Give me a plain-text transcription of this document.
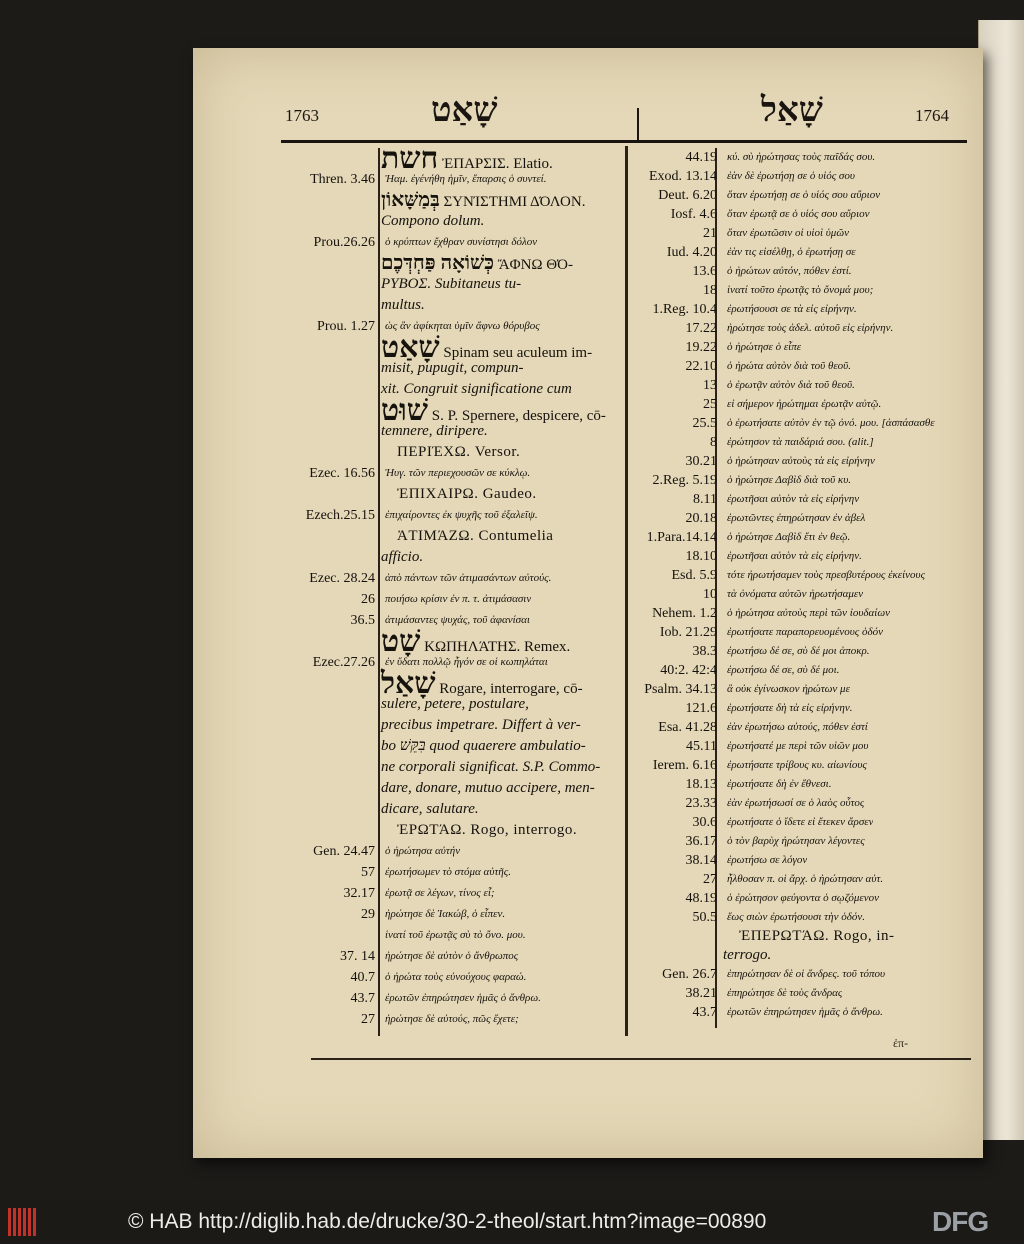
1763	שָׁאַט	שָׁאַל	1764
חשת ἘΠΑΡΣΙΣ. Elatio.
Thren. 3.46 Ἠαμ. ἐγένήθη ἡμῖν, ἔπαρσις ὁ συντεί.
בְּמַשָּׁאוֹן ΣΥΝΊΣΤΗΜΙ ΔΌΛΟΝ.
Compono dolum.
Prou.26.26 ὁ κρύπτων ἔχθραν συνίστησι δόλον
כְּשׁוֹאָה פַּחְדְּכֶם ἌΦΝΩ ΘΌ-
ΡΥΒΟΣ. Subitaneus tu-
multus.
Prou. 1.27 ὡς ἂν ἀφίκηται ὑμῖν ἄφνω θόρυβος
שָׁאַט Spinam seu aculeum im-
misit, pupugit, compun-
xit. Congruit significatione cum
שׁוּט S. P. Spernere, despicere, cō-
temnere, diripere.
ΠΕΡΙΈΧΩ. Versor.
Ezec. 16.56 Ἠυγ. τῶν περιεχουσῶν σε κύκλῳ.
ἘΠΙΧΑΙΡΩ. Gaudeo.
Ezech.25.15 ἐπιχαίροντες ἐκ ψυχῆς τοῦ ἐξαλεῖψ.
ἈΤΙΜΆΖΩ. Contumelia
afficio.
Ezec. 28.24 ἀπὸ πάντων τῶν ἀτιμασάντων αὐτούς.
26 ποιήσω κρίσιν ἐν π. τ. ἀτιμάσασιν
36.5 ἀτιμάσαντες ψυχάς, τοῦ ἀφανίσαι
שָׁט ΚΩΠΗΛΆΤΗΣ. Remex.
Ezec.27.26 ἐν ὕδατι πολλῷ ἦγόν σε οἱ κωπηλάται
שָׁאַל Rogare, interrogare, cō-
sulere, petere, postulare,
precibus impetrare. Differt à ver-
bo בִּקֵּשׁ quod quaerere ambulatio-
ne corporali significat. S.P. Commo-
dare, donare, mutuo accipere, men-
dicare, salutare.
ἘΡΩΤΆΩ. Rogo, interrogo.
Gen. 24.47 ὁ ἠρώτησα αὐτήν
57 ἐρωτήσωμεν τὸ στόμα αὐτῆς.
32.17 ἐρωτᾷ σε λέγων, τίνος εἶ;
29 ἠρώτησε δὲ Ἰακώβ, ὁ εἶπεν.
ἱνατί τοῦ ἐρωτᾷς σὺ τὸ ὄνο. μου.
37. 14 ἠρώτησε δὲ αὐτὸν ὁ ἄνθρωπος
40.7 ὁ ἠρώτα τοὺς εὐνούχους φαραώ.
43.7 ἐρωτῶν ἐπηρώτησεν ἡμᾶς ὁ ἄνθρω.
27 ἠρώτησε δὲ αὐτούς, πῶς ἔχετε;
44.19 κύ. σὺ ἠρώτησας τοὺς παῖδάς σου.
Exod. 13.14 ἐὰν δὲ ἐρωτήσῃ σε ὁ υἱός σου
Deut. 6.20 ὅταν ἐρωτήσῃ σε ὁ υἱός σου αὔριον
Iosf. 4.6 ὅταν ἐρωτᾷ σε ὁ υἱός σου αὔριον
21 ὅταν ἐρωτῶσιν οἱ υἱοὶ ὑμῶν
Iud. 4.20 ἐὰν τις εἰσέλθῃ, ὁ ἐρωτήσῃ σε
13.6 ὁ ἠρώτων αὐτόν, πόθεν ἐστί.
18 ἱνατί τοῦτο ἐρωτᾷς τὸ ὄνομά μου;
1.Reg. 10.4 ἐρωτήσουσι σε τὰ εἰς εἰρήνην.
17.22 ἠρώτησε τοὺς ἀδελ. αὐτοῦ εἰς εἰρήνην.
19.22 ὁ ἠρώτησε ὁ εἶπε
22.10 ὁ ἠρώτα αὐτὸν διὰ τοῦ θεοῦ.
13 ὁ ἐρωτᾷν αὐτὸν διὰ τοῦ θεοῦ.
25 εἰ σήμερον ἠρώτημαι ἐρωτᾷν αὐτῷ.
25.5 ὁ ἐρωτήσατε αὐτὸν ἐν τῷ ὀνό. μου. [ἀσπάσασθε
8 ἐρώτησον τὰ παιδάριά σου. (alit.]
30.21 ὁ ἠρώτησαν αὐτοὺς τὰ εἰς εἰρήνην
2.Reg. 5.19 ὁ ἠρώτησε Δαβὶδ διὰ τοῦ κυ.
8.11 ἐρωτῆσαι αὐτὸν τὰ εἰς εἰρήνην
20.18 ἐρωτῶντες ἐπηρώτησαν ἐν ἀβελ
1.Para.14.14 ὁ ἠρώτησε Δαβὶδ ἔτι ἐν θεῷ.
18.10 ἐρωτῆσαι αὐτὸν τὰ εἰς εἰρήνην.
Esd. 5.9 τότε ἠρωτήσαμεν τοὺς πρεσβυτέρους ἐκείνους
10 τὰ ὀνόματα αὐτῶν ἠρωτήσαμεν
Nehem. 1.2 ὁ ἠρώτησα αὐτοὺς περὶ τῶν ἰουδαίων
Iob. 21.29 ἐρωτήσατε παραπορευομένους ὁδόν
38.3 ἐρωτήσω δέ σε, σὺ δέ μοι ἀποκρ.
40:2. 42:4 ἐρωτήσω δέ σε, σὺ δέ μοι.
Psalm. 34.13 ἃ οὐκ ἐγίνωσκον ἠρώτων με
121.6 ἐρωτήσατε δὴ τὰ εἰς εἰρήνην.
Esa. 41.28 ἐὰν ἐρωτήσω αὐτούς, πόθεν ἐστί
45.11 ἐρωτήσατέ με περὶ τῶν υἱῶν μου
Ierem. 6.16 ἐρωτήσατε τρίβους κυ. αἰωνίους
18.13 ἐρωτήσατε δὴ ἐν ἔθνεσι.
23.33 ἐὰν ἐρωτήσωσί σε ὁ λαὸς οὗτος
30.6 ἐρωτήσατε ὁ ἴδετε εἰ ἔτεκεν ἄρσεν
36.17 ὁ τὸν βαρὺχ ἠρώτησαν λέγοντες
38.14 ἐρωτήσω σε λόγον
27 ἦλθοσαν π. οἱ ἄρχ. ὁ ἠρώτησαν αὐτ.
48.19 ὁ ἐρώτησον φεύγοντα ὁ σῳζόμενον
50.5 ἕως σιὼν ἐρωτήσουσι τὴν ὁδόν.
ἘΠΕΡΩΤΆΩ. Rogo, in-
terrogo.
Gen. 26.7 ἐπηρώτησαν δὲ οἱ ἄνδρες. τοῦ τόπου
38.21 ἐπηρώτησε δὲ τοὺς ἄνδρας
43.7 ἐρωτῶν ἐπηρώτησεν ἡμᾶς ὁ ἄνθρω.
ἐπ-
© HAB http://diglib.hab.de/drucke/30-2-theol/start.htm?image=00890	DFG
